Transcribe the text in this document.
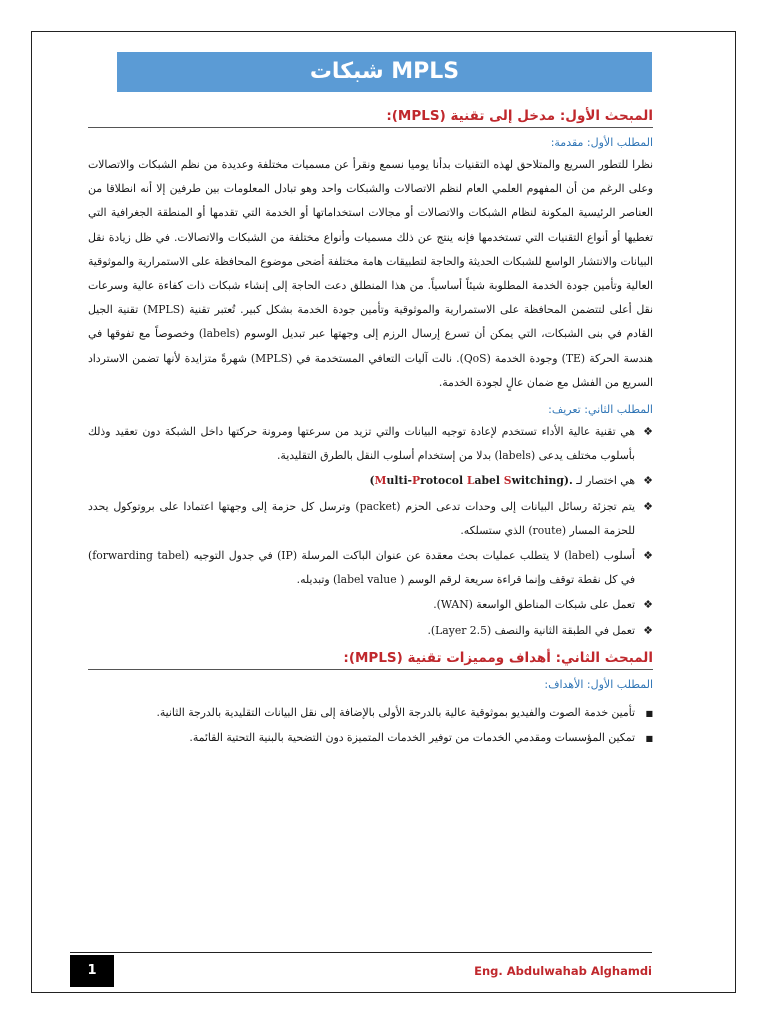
شبكات MPLS
المبحث الأول: مدخل إلى تقنية (MPLS):
المطلب الأول: مقدمة:

نظرا للتطور السريع والمتلاحق لهذه التقنيات بدأنا يوميا نسمع ونقرأ عن مسميات مختلفة وعديدة من نظم الشبكات والاتصالات وعلى الرغم من أن المفهوم العلمي العام لنظم الاتصالات والشبكات واحد وهو تبادل المعلومات بين طرفين إلا أنه انطلاقا من العناصر الرئيسية المكونة لنظام الشبكات والاتصالات أو مجالات استخداماتها أو الخدمة التي تقدمها أو المنطقة الجغرافية التي تغطيها أو أنواع التقنيات التي تستخدمها فإنه ينتج عن ذلك مسميات وأنواع مختلفة من الشبكات والاتصالات. في ظل زيادة نقل البيانات والانتشار الواسع للشبكات الحديثة والحاجة لتطبيقات هامة مختلفة أضحى موضوع المحافظة على الاستمرارية والموثوقية العالية وتأمين جودة الخدمة المطلوبة شيئاً أساسياً. من هذا المنطلق دعت الحاجة إلى إنشاء شبكات ذات كفاءة عالية وسرعات نقل أعلى لتتضمن المحافظة على الاستمرارية والموثوقية وتأمين جودة الخدمة بشكل كبير. تُعتبر تقنية (MPLS) تقنية الجيل القادم في بنى الشبكات، التي يمكن أن تسرع إرسال الرزم إلى وجهتها عبر تبديل الوسوم (labels) وخصوصاً مع تفوقها في هندسة الحركة (TE) وجودة الخدمة (QoS). نالت آليات التعافي المستخدمة في (MPLS) شهرةً متزايدة لأنها تضمن الاسترداد السريع من الفشل مع ضمان عالٍ لجودة الخدمة.

المطلب الثاني: تعريف:
❖
هي تقنية عالية الأداء تستخدم لإعادة توجيه البيانات والتي تزيد من سرعتها ومرونة حركتها داخل الشبكة دون تعقيد وذلك بأسلوب مختلف يدعى (labels) بدلا من إستخدام أسلوب النقل بالطرق التقليدية.
❖
هي اختصار لـ (Multi-Protocol Label Switching).
❖
يتم تجزئة رسائل البيانات إلى وحدات تدعى الحزم (packet) وترسل كل حزمة إلى وجهتها اعتمادا على بروتوكول يحدد للحزمة المسار (route) الذي ستسلكه.
❖
أسلوب (label) لا يتطلب عمليات بحث معقدة عن عنوان الباكت المرسلة (IP) في جدول التوجيه (forwarding tabel) في كل نقطة توقف وإنما قراءة سريعة لرقم الوسم ( label value) وتبديله.
❖
تعمل على شبكات المناطق الواسعة (WAN).
❖
تعمل في الطبقة الثانية والنصف (Layer 2.5).
المبحث الثاني: أهداف ومميزات تقنية (MPLS):
المطلب الأول: الأهداف:
■
تأمين خدمة الصوت والفيديو بموثوقية عالية بالدرجة الأولى بالإضافة إلى نقل البيانات التقليدية بالدرجة الثانية.
■
تمكين المؤسسات ومقدمي الخدمات من توفير الخدمات المتميزة دون التضحية بالبنية التحتية القائمة.
1	Eng. Abdulwahab Alghamdi
